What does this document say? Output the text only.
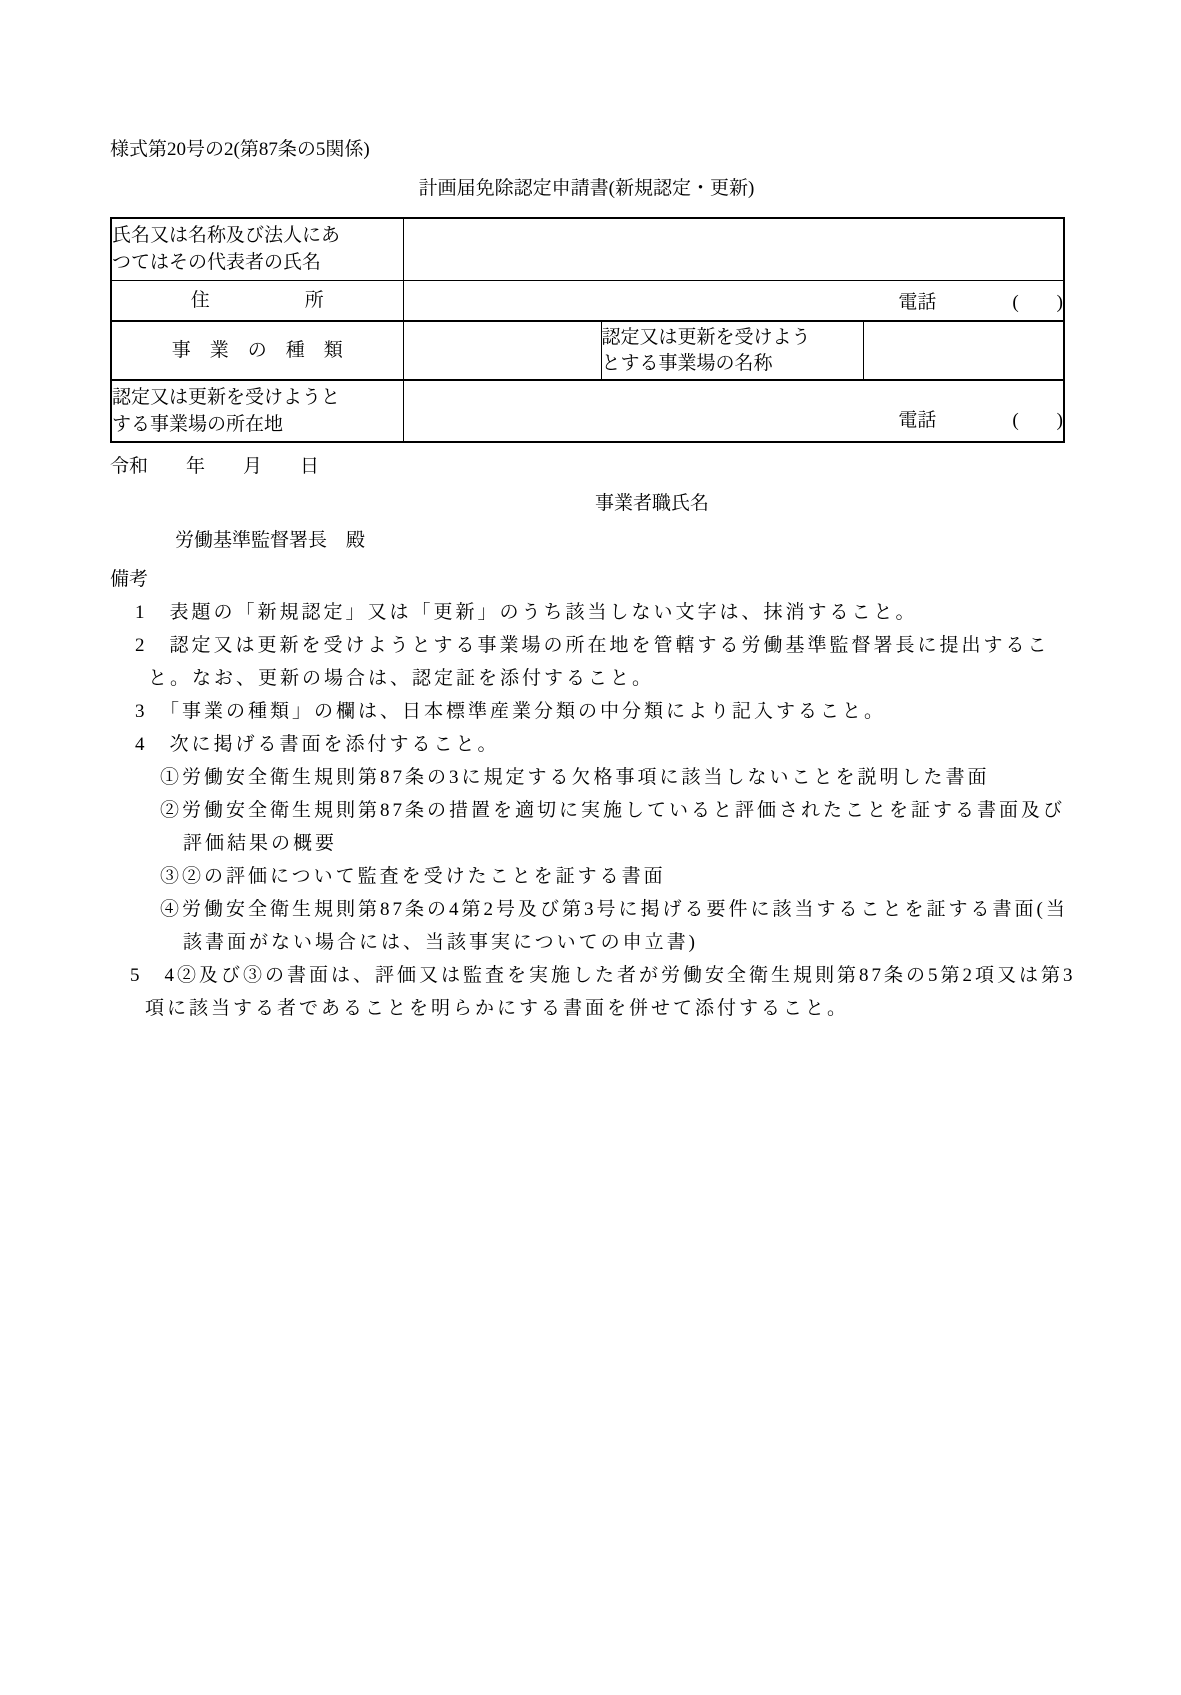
様式第20号の2(第87条の5関係)
計画届免除認定申請書(新規認定・更新)
氏名又は名称及び法人にあ
つてはその代表者の氏名			

住　　　　　所	電話　　　　(　　)		
事　業　の　種　類		認定又は更新を受けよう
とする事業場の名称	

認定又は更新を受けようと
する事業場の所在地	電話　　　　(　　)		
令和　　年　　月　　日
事業者職氏名
労働基準監督署長　殿
備考
1　表題の「新規認定」又は「更新」のうち該当しない文字は、抹消すること。
2　認定又は更新を受けようとする事業場の所在地を管轄する労働基準監督署長に提出するこ
と。なお、更新の場合は、認定証を添付すること。
3　「事業の種類」の欄は、日本標準産業分類の中分類により記入すること。
4　次に掲げる書面を添付すること。
①労働安全衛生規則第87条の3に規定する欠格事項に該当しないことを説明した書面
②労働安全衛生規則第87条の措置を適切に実施していると評価されたことを証する書面及び
評価結果の概要
③②の評価について監査を受けたことを証する書面
④労働安全衛生規則第87条の4第2号及び第3号に掲げる要件に該当することを証する書面(当
該書面がない場合には、当該事実についての申立書)
5　4②及び③の書面は、評価又は監査を実施した者が労働安全衛生規則第87条の5第2項又は第3
項に該当する者であることを明らかにする書面を併せて添付すること。
